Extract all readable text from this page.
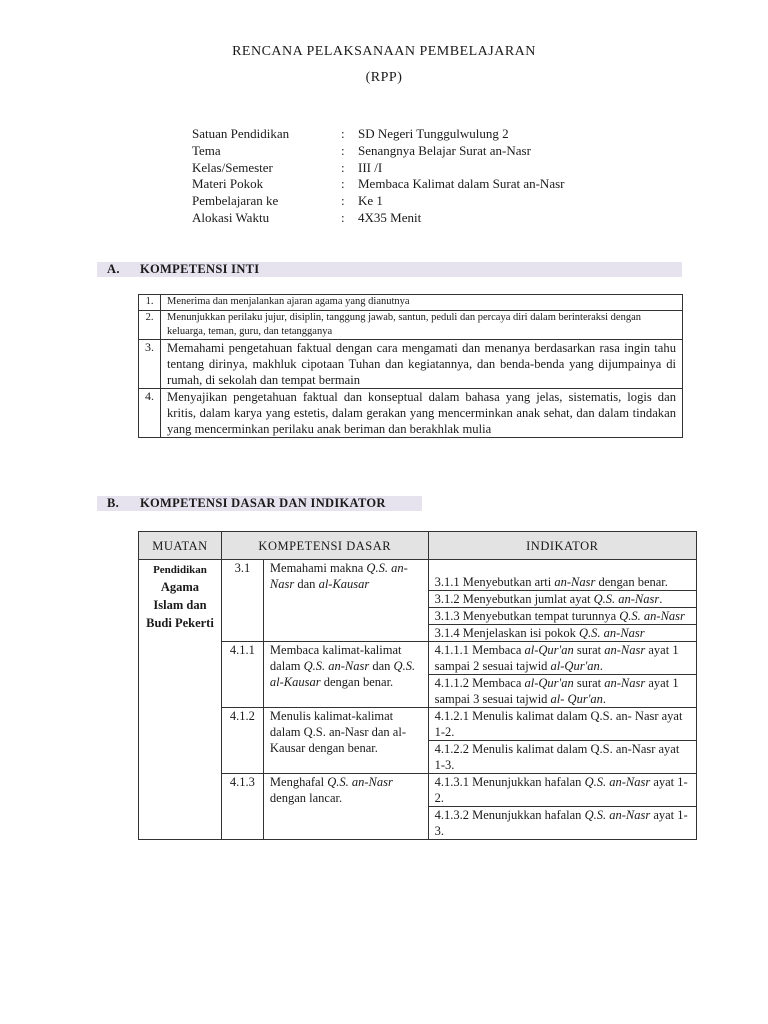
RENCANA PELAKSANAAN PEMBELAJARAN
(RPP)
Satuan Pendidikan	: SD Negeri Tunggulwulung 2
Tema	: Senangnya Belajar Surat an-Nasr
Kelas/Semester	: III /I
Materi Pokok	: Membaca Kalimat dalam Surat an-Nasr
Pembelajaran ke	: Ke 1
Alokasi Waktu	: 4X35 Menit
A. KOMPETENSI INTI
1.	Menerima dan menjalankan ajaran agama yang dianutnya
2.	Menunjukkan perilaku jujur, disiplin, tanggung jawab, santun, peduli dan percaya diri dalam berinteraksi dengan keluarga, teman, guru, dan tetangganya
3.	Memahami pengetahuan faktual dengan cara mengamati dan menanya berdasarkan rasa ingin tahu tentang dirinya, makhluk cipotaan Tuhan dan kegiatannya, dan benda-benda yang dijumpainya di rumah, di sekolah dan tempat bermain
4.	Menyajikan pengetahuan faktual dan konseptual dalam bahasa yang jelas, sistematis, logis dan kritis, dalam karya yang estetis, dalam gerakan yang mencerminkan anak sehat, dan dalam tindakan yang mencerminkan perilaku anak beriman dan berakhlak mulia
B. KOMPETENSI DASAR DAN INDIKATOR
MUATAN	KOMPETENSI DASAR		INDIKATOR

Pendidikan
Agama Islam dan Budi Pekerti	3.1	Memahami makna Q.S. an-Nasr dan al-Kausar	3.1.1 Menyebutkan arti an-Nasr dengan benar.
			3.1.2 Menyebutkan jumlat ayat Q.S. an-Nasr.
			3.1.3 Menyebutkan tempat turunnya Q.S. an-Nasr
			3.1.4 Menjelaskan isi pokok Q.S. an-Nasr
	4.1.1	Membaca kalimat-kalimat dalam Q.S. an-Nasr dan Q.S. al-Kausar dengan benar.	4.1.1.1 Membaca al-Qur'an surat an-Nasr ayat 1 sampai 2 sesuai tajwid al-Qur'an.
			4.1.1.2 Membaca al-Qur'an surat an-Nasr ayat 1 sampai 3 sesuai tajwid al- Qur'an.
	4.1.2	Menulis kalimat-kalimat dalam Q.S. an-Nasr dan al-Kausar dengan benar.	4.1.2.1 Menulis kalimat dalam Q.S. an- Nasr ayat 1-2.
			4.1.2.2 Menulis kalimat dalam Q.S. an-Nasr ayat 1-3.
	4.1.3	Menghafal Q.S. an-Nasr dengan lancar.	4.1.3.1 Menunjukkan hafalan Q.S. an-Nasr ayat 1-2.
			4.1.3.2 Menunjukkan hafalan Q.S. an-Nasr ayat 1-3.
